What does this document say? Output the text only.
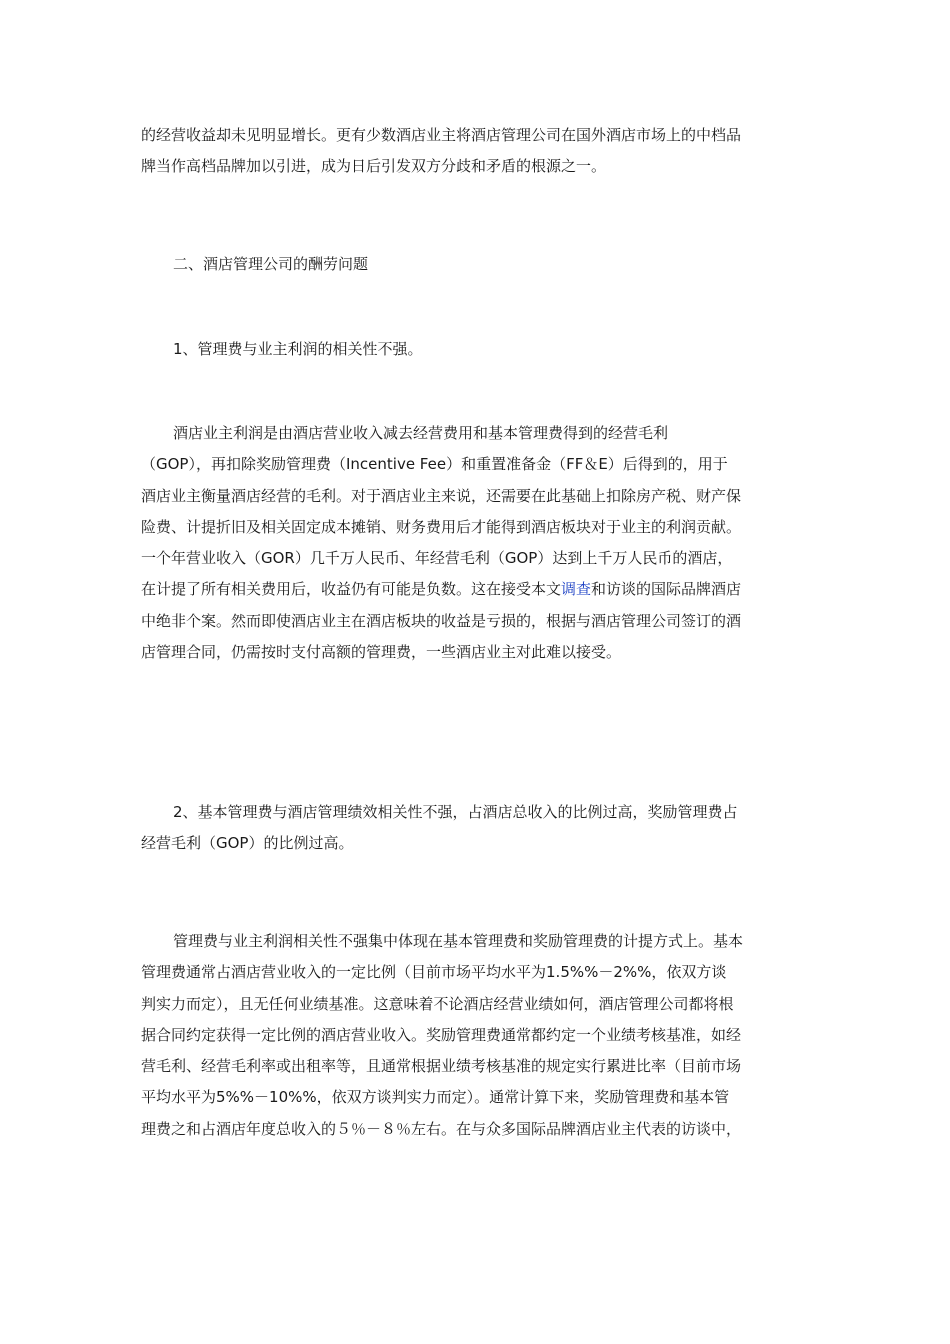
的经营收益却未见明显增长。更有少数酒店业主将酒店管理公司在国外酒店市场上的中档品
牌当作高档品牌加以引进，成为日后引发双方分歧和矛盾的根源之一。
二、酒店管理公司的酬劳问题
1、管理费与业主利润的相关性不强。
酒店业主利润是由酒店营业收入减去经营费用和基本管理费得到的经营毛利
（GOP），再扣除奖励管理费（Incentive Fee）和重置准备金（FF＆E）后得到的，用于
酒店业主衡量酒店经营的毛利。对于酒店业主来说，还需要在此基础上扣除房产税、财产保
险费、计提折旧及相关固定成本摊销、财务费用后才能得到酒店板块对于业主的利润贡献。
一个年营业收入（GOR）几千万人民币、年经营毛利（GOP）达到上千万人民币的酒店，
在计提了所有相关费用后，收益仍有可能是负数。这在接受本文调查和访谈的国际品牌酒店
中绝非个案。然而即使酒店业主在酒店板块的收益是亏损的，根据与酒店管理公司签订的酒
店管理合同，仍需按时支付高额的管理费，一些酒店业主对此难以接受。
2、基本管理费与酒店管理绩效相关性不强，占酒店总收入的比例过高，奖励管理费占
经营毛利（GOP）的比例过高。
管理费与业主利润相关性不强集中体现在基本管理费和奖励管理费的计提方式上。基本
管理费通常占酒店营业收入的一定比例（目前市场平均水平为1.5%%－2%%，依双方谈
判实力而定），且无任何业绩基准。这意味着不论酒店经营业绩如何，酒店管理公司都将根
据合同约定获得一定比例的酒店营业收入。奖励管理费通常都约定一个业绩考核基准，如经
营毛利、经营毛利率或出租率等，且通常根据业绩考核基准的规定实行累进比率（目前市场
平均水平为5%%－10%%，依双方谈判实力而定）。通常计算下来，奖励管理费和基本管
理费之和占酒店年度总收入的５％－８％左右。在与众多国际品牌酒店业主代表的访谈中，
